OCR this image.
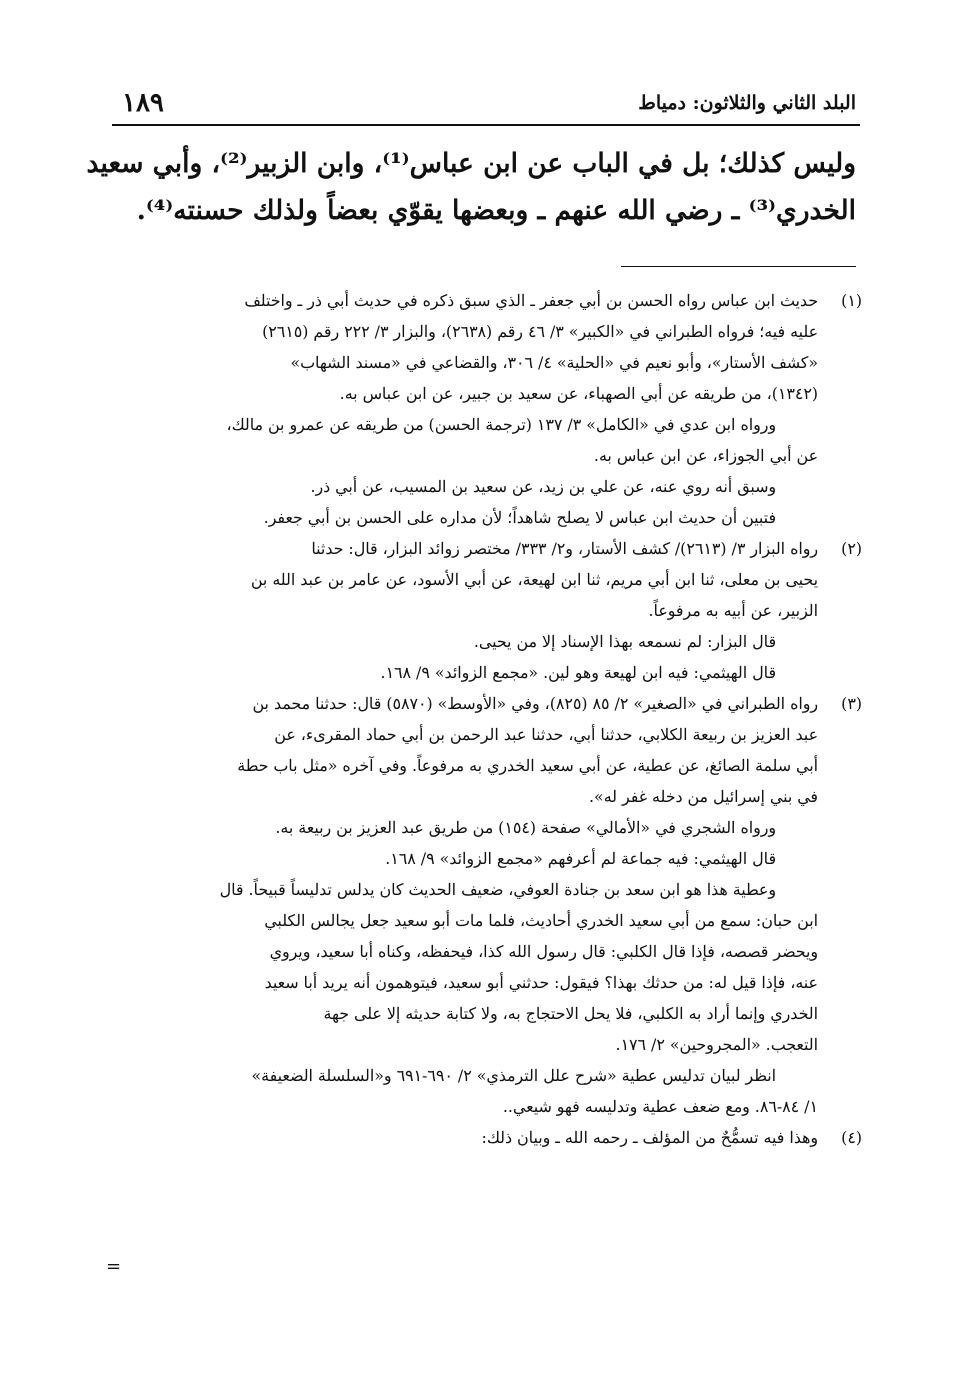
البلد الثاني والثلاثون: دمياط
١٨٩
وليس كذلك؛ بل في الباب عن ابن عباس⁽¹⁾، وابن الزبير⁽²⁾، وأبي سعيد
الخدري⁽³⁾ ـ رضي الله عنهم ـ وبعضها يقوّي بعضاً ولذلك حسنته⁽⁴⁾.
(١)
حديث ابن عباس رواه الحسن بن أبي جعفر ـ الذي سبق ذكره في حديث أبي ذر ـ واختلف
عليه فيه؛ فرواه الطبراني في «الكبير» ٣/ ٤٦ رقم (٢٦٣٨)، والبزار ٣/ ٢٢٢ رقم (٢٦١٥)
«كشف الأستار»، وأبو نعيم في «الحلية» ٤/ ٣٠٦، والقضاعي في «مسند الشهاب»
(١٣٤٢)، من طريقه عن أبي الصهباء، عن سعيد بن جبير، عن ابن عباس به.
ورواه ابن عدي في «الكامل» ٣/ ١٣٧ (ترجمة الحسن) من طريقه عن عمرو بن مالك،
عن أبي الجوزاء، عن ابن عباس به.
وسبق أنه روي عنه، عن علي بن زيد، عن سعيد بن المسيب، عن أبي ذر.
فتبين أن حديث ابن عباس لا يصلح شاهداً؛ لأن مداره على الحسن بن أبي جعفر.
(٢)
رواه البزار ٣/ (٢٦١٣)/ كشف الأستار، و٢/ ٣٣٣/ مختصر زوائد البزار، قال: حدثنا
يحيى بن معلى، ثنا ابن أبي مريم، ثنا ابن لهيعة، عن أبي الأسود، عن عامر بن عبد الله بن
الزبير، عن أبيه به مرفوعاً.
قال البزار: لم نسمعه بهذا الإسناد إلا من يحيى.
قال الهيثمي: فيه ابن لهيعة وهو لين. «مجمع الزوائد» ٩/ ١٦٨.
(٣)
رواه الطبراني في «الصغير» ٢/ ٨٥ (٨٢٥)، وفي «الأوسط» (٥٨٧٠) قال: حدثنا محمد بن
عبد العزيز بن ربيعة الكلابي، حدثنا أبي، حدثنا عبد الرحمن بن أبي حماد المقرىء، عن
أبي سلمة الصائغ، عن عطية، عن أبي سعيد الخدري به مرفوعاً. وفي آخره «مثل باب حطة
في بني إسرائيل من دخله غفر له».
ورواه الشجري في «الأمالي» صفحة (١٥٤) من طريق عبد العزيز بن ربيعة به.
قال الهيثمي: فيه جماعة لم أعرفهم «مجمع الزوائد» ٩/ ١٦٨.
وعطية هذا هو ابن سعد بن جنادة العوفي، ضعيف الحديث كان يدلس تدليساً قبيحاً. قال
ابن حبان: سمع من أبي سعيد الخدري أحاديث، فلما مات أبو سعيد جعل يجالس الكلبي
ويحضر قصصه، فإذا قال الكلبي: قال رسول الله كذا، فيحفظه، وكناه أبا سعيد، ويروي
عنه، فإذا قيل له: من حدثك بهذا؟ فيقول: حدثني أبو سعيد، فيتوهمون أنه يريد أبا سعيد
الخدري وإنما أراد به الكلبي، فلا يحل الاحتجاج به، ولا كتابة حديثه إلا على جهة
التعجب. «المجروحين» ٢/ ١٧٦.
انظر لبيان تدليس عطية «شرح علل الترمذي» ٢/ ٦٩٠-٦٩١ و«السلسلة الضعيفة»
١/ ٨٤-٨٦. ومع ضعف عطية وتدليسه فهو شيعي..
(٤)
وهذا فيه تسمُّحٌ من المؤلف ـ رحمه الله ـ وبيان ذلك:
=
